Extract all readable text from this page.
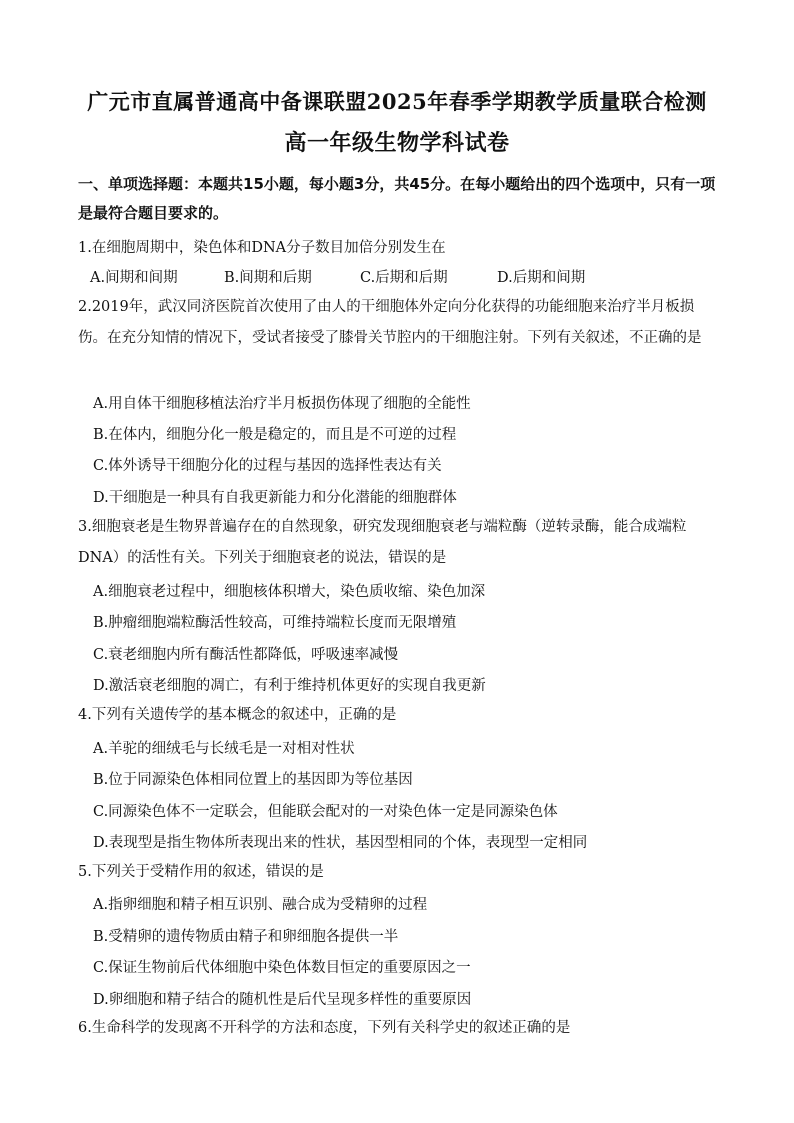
广元市直属普通高中备课联盟2025年春季学期教学质量联合检测
高一年级生物学科试卷
一、单项选择题：本题共15小题，每小题3分，共45分。在每小题给出的四个选项中，只有一项是最符合题目要求的。
1.在细胞周期中，染色体和DNA分子数目加倍分别发生在
A.间期和间期	B.间期和后期	C.后期和后期	D.后期和间期
2.2019年，武汉同济医院首次使用了由人的干细胞体外定向分化获得的功能细胞来治疗半月板损伤。在充分知情的情况下，受试者接受了膝骨关节腔内的干细胞注射。下列有关叙述，不正确的是
A.用自体干细胞移植法治疗半月板损伤体现了细胞的全能性
B.在体内，细胞分化一般是稳定的，而且是不可逆的过程
C.体外诱导干细胞分化的过程与基因的选择性表达有关
D.干细胞是一种具有自我更新能力和分化潜能的细胞群体
3.细胞衰老是生物界普遍存在的自然现象，研究发现细胞衰老与端粒酶（逆转录酶，能合成端粒DNA）的活性有关。下列关于细胞衰老的说法，错误的是
A.细胞衰老过程中，细胞核体积增大，染色质收缩、染色加深
B.肿瘤细胞端粒酶活性较高，可维持端粒长度而无限增殖
C.衰老细胞内所有酶活性都降低，呼吸速率减慢
D.激活衰老细胞的凋亡，有利于维持机体更好的实现自我更新
4.下列有关遗传学的基本概念的叙述中，正确的是
A.羊驼的细绒毛与长绒毛是一对相对性状
B.位于同源染色体相同位置上的基因即为等位基因
C.同源染色体不一定联会，但能联会配对的一对染色体一定是同源染色体
D.表现型是指生物体所表现出来的性状，基因型相同的个体，表现型一定相同
5.下列关于受精作用的叙述，错误的是
A.指卵细胞和精子相互识别、融合成为受精卵的过程
B.受精卵的遗传物质由精子和卵细胞各提供一半
C.保证生物前后代体细胞中染色体数目恒定的重要原因之一
D.卵细胞和精子结合的随机性是后代呈现多样性的重要原因
6.生命科学的发现离不开科学的方法和态度，下列有关科学史的叙述正确的是
